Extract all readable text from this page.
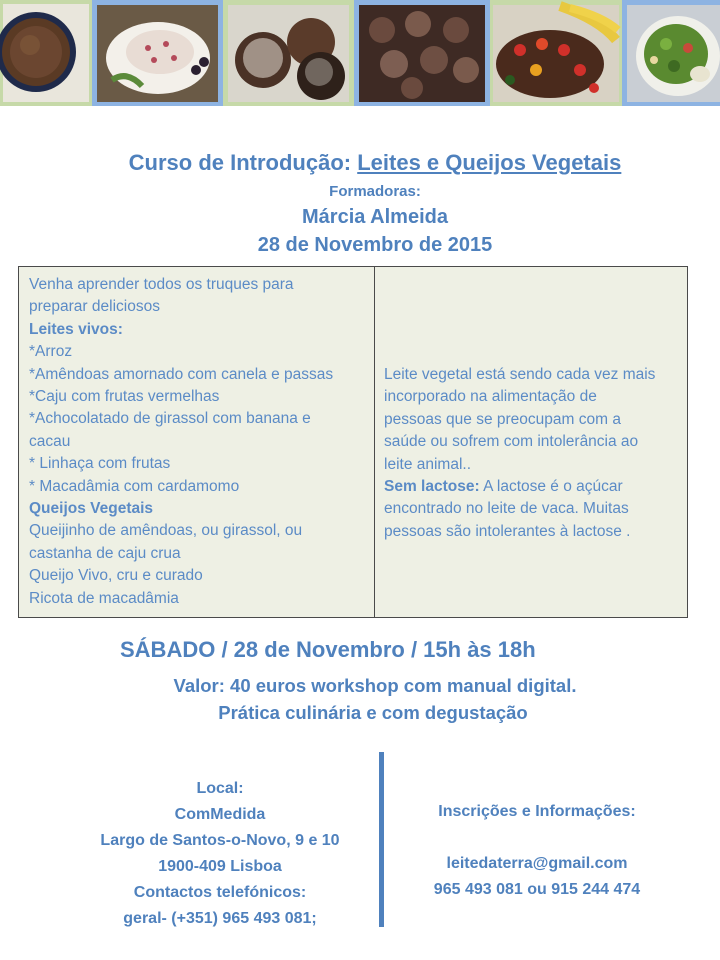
Curso de Introdução: Leites e Queijos Vegetais
Formadoras:
Márcia Almeida
28 de Novembro de 2015
Venha aprender todos os truques para
preparar deliciosos
Leites vivos:
*Arroz
*Amêndoas amornado com canela e passas
*Caju com frutas vermelhas
*Achocolatado de girassol com banana e
cacau
* Linhaça com frutas
* Macadâmia com cardamomo
Queijos Vegetais
Queijinho de amêndoas, ou girassol, ou
castanha de caju crua
Queijo Vivo, cru e curado
Ricota de macadâmia
Leite vegetal está sendo cada vez mais
incorporado na alimentação de
pessoas que se preocupam com a
saúde ou sofrem com intolerância ao
leite animal..
Sem lactose: A lactose é o açúcar
encontrado no leite de vaca. Muitas
pessoas são intolerantes à lactose .
SÁBADO / 28 de Novembro / 15h às 18h
Valor: 40 euros workshop com manual digital.
Prática culinária e com degustação
Local:
ComMedida
Largo de Santos-o-Novo, 9 e 10
1900-409 Lisboa
Contactos telefónicos:
geral- (+351) 965 493 081;
Inscrições e Informações:
leitedaterra@gmail.com
965 493 081 ou 915 244 474
